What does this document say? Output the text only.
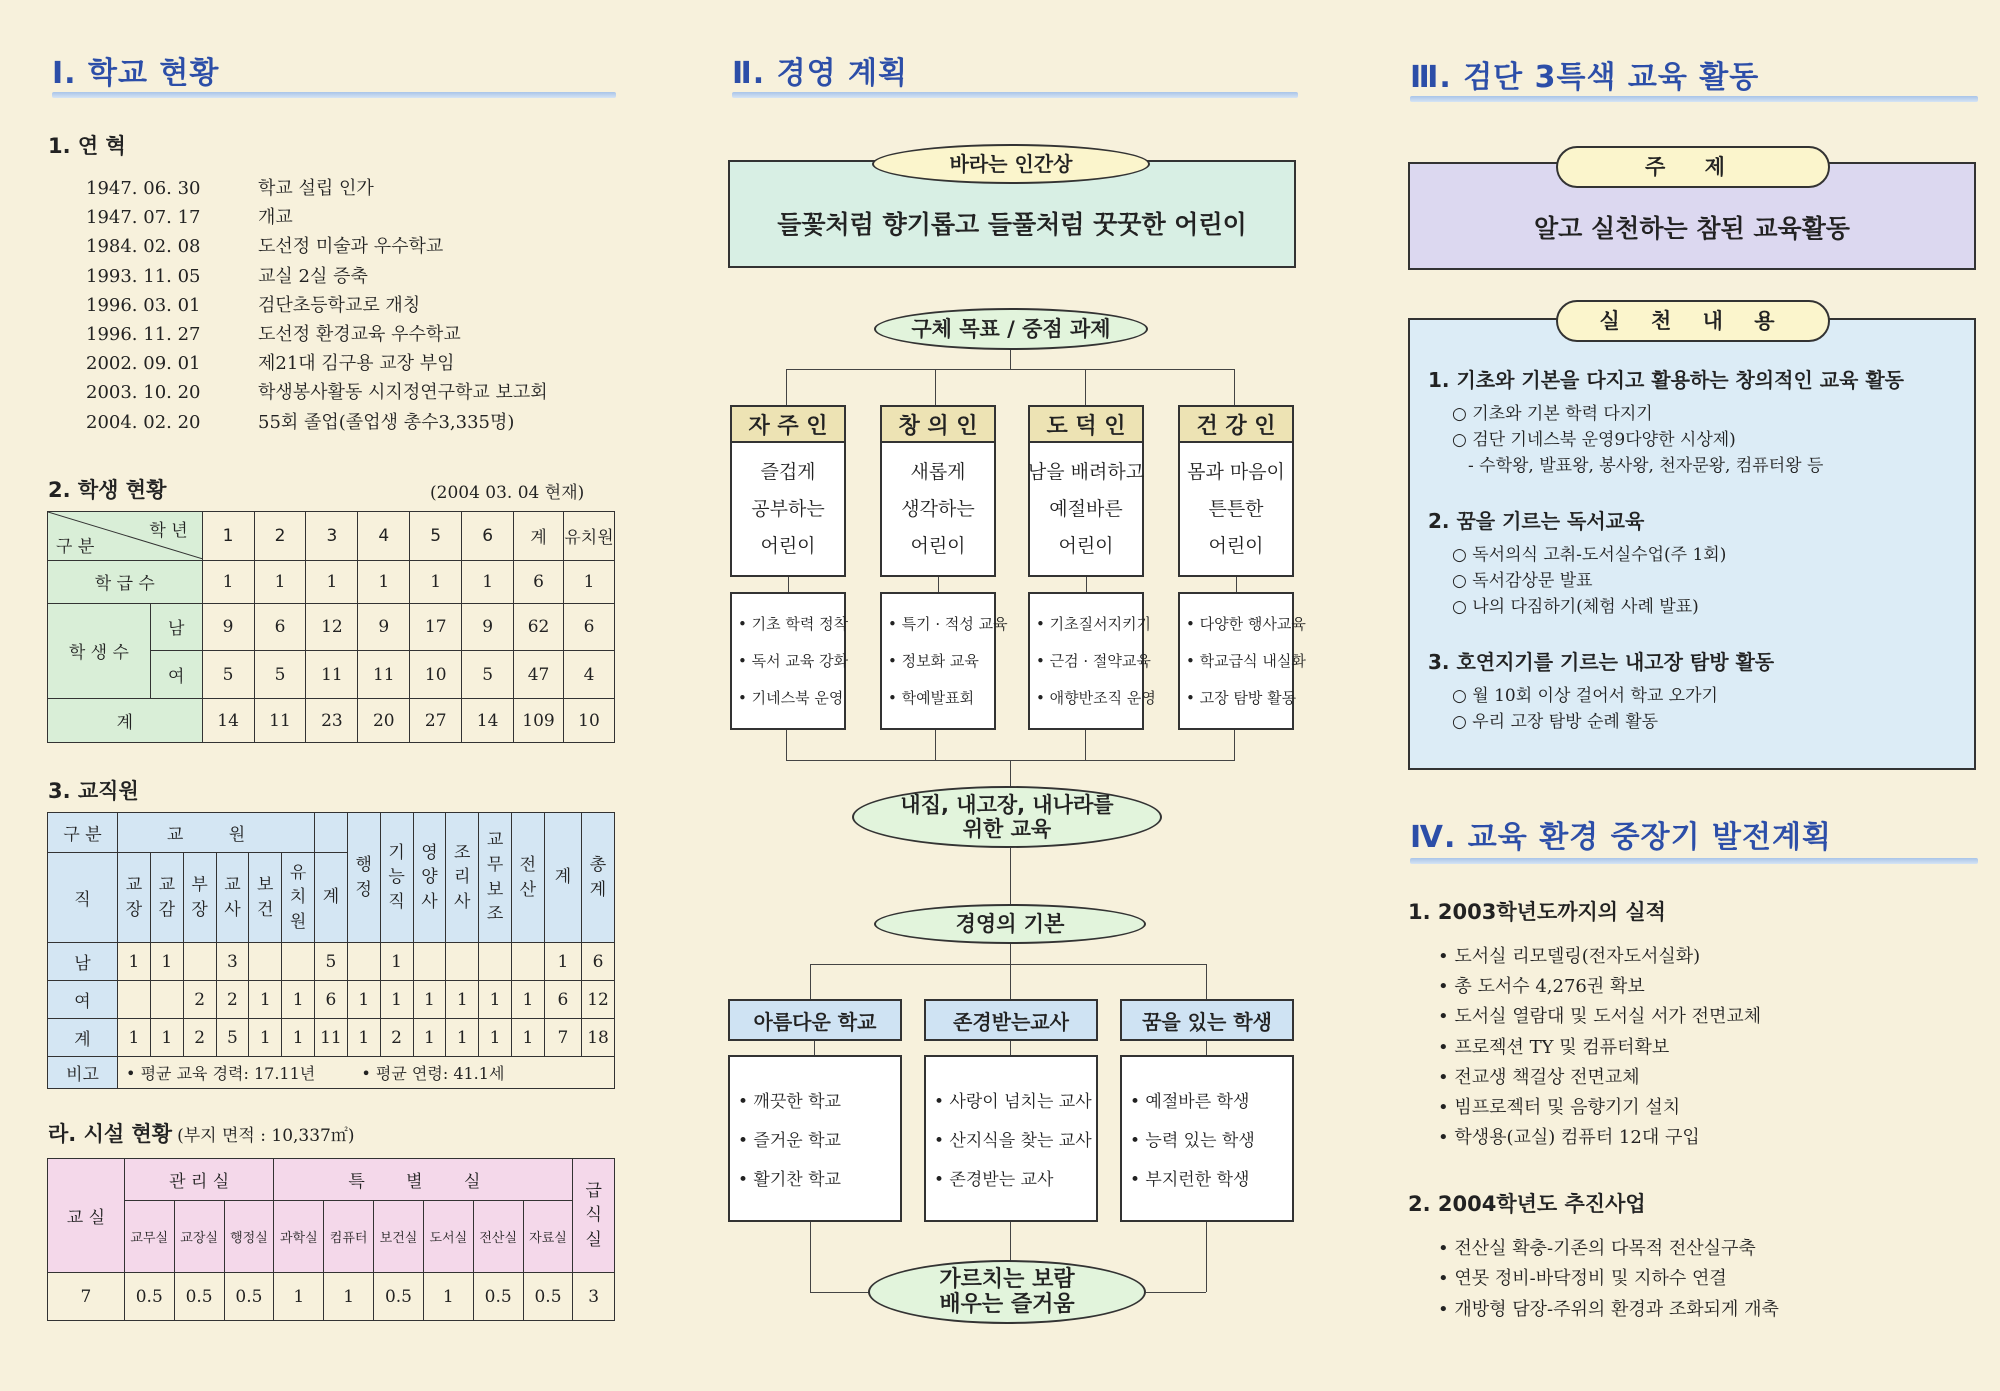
Ⅰ. 학교 현황
1. 연 혁
1947. 06. 30	학교 설립 인가
1947. 07. 17	개교
1984. 02. 08	도선정 미술과 우수학교
1993. 11. 05	교실 2실 증축
1996. 03. 01	검단초등학교로 개칭
1996. 11. 27	도선정 환경교육 우수학교
2002. 09. 01	제21대 김구용 교장 부임
2003. 10. 20	학생봉사활동 시지정연구학교 보고회
2004. 02. 20	55회 졸업(졸업생 총수3,335명)
2. 학생 현황	(2004 03. 04 현재)
학 년
구 분		1	2	3	4	5	6	계	유치원
학 급 수		1	1	1	1	1	1	6	1
학 생 수	남	9	6	12	9	17	9	62	6
	여	5	5	11	11	10	5	47	4
계		14	11	23	20	27	14	109	10
3. 교직원
구 분	교 원							행정	기능직	영양사	조리사	교무보조	전산	계	총계
직	교장	교감	부장	교사	보건	유치원	계								
남	1	1		3			5		1					1	6
여			2	2	1	1	6	1	1	1	1	1	1	6	12
계	1	1	2	5	1	1	11	1	2	1	1	1	1	7	18
비고	• 평균 교육 경력: 17.11년 • 평균 연령: 41.1세														
라. 시설 현황 (부지 면적 : 10,337㎡)
교 실	관 리 실			특 별 실						급식실
	교무실	교장실	행정실	과학실	컴퓨터	보건실	도서실	전산실	자료실	
7	0.5	0.5	0.5	1	1	0.5	1	0.5	0.5	3
Ⅱ. 경영 계획
들꽃처럼 향기롭고 들풀처럼 꿋꿋한 어린이
바라는 인간상
구체 목표 / 중점 과제
자 주 인
즐겁게
공부하는
어린이
• 기초 학력 정착
• 독서 교육 강화
• 기네스북 운영
창 의 인
새롭게
생각하는
어린이
• 특기 · 적성 교육
• 정보화 교육
• 학예발표회
도 덕 인
남을 배려하고
예절바른
어린이
• 기초질서지키기
• 근검 · 절약교육
• 애향반조직 운영
건 강 인
몸과 마음이
튼튼한
어린이
• 다양한 행사교육
• 학교급식 내실화
• 고장 탐방 활동
내집, 내고장, 내나라를
위한 교육
경영의 기본
아름다운 학교
• 깨끗한 학교
• 즐거운 학교
• 활기찬 학교
존경받는교사
• 사랑이 넘치는 교사
• 산지식을 찾는 교사
• 존경받는 교사
꿈을 있는 학생
• 예절바른 학생
• 능력 있는 학생
• 부지런한 학생
가르치는 보람
배우는 즐거움
Ⅲ. 검단 3특색 교육 활동
알고 실천하는 참된 교육활동
주 제
실 천 내 용
1. 기초와 기본을 다지고 활용하는 창의적인 교육 활동
○ 기초와 기본 학력 다지기
○ 검단 기네스북 운영9다양한 시상제)
- 수학왕, 발표왕, 봉사왕, 천자문왕, 컴퓨터왕 등
2. 꿈을 기르는 독서교육
○ 독서의식 고취-도서실수업(주 1회)
○ 독서감상문 발표
○ 나의 다짐하기(체험 사례 발표)
3. 호연지기를 기르는 내고장 탐방 활동
○ 월 10회 이상 걸어서 학교 오가기
○ 우리 고장 탐방 순례 활동
Ⅳ. 교육 환경 중장기 발전계획
1. 2003학년도까지의 실적
• 도서실 리모델링(전자도서실화)
• 총 도서수 4,276권 확보
• 도서실 열람대 및 도서실 서가 전면교체
• 프로젝션 TY 및 컴퓨터확보
• 전교생 책걸상 전면교체
• 빔프로젝터 및 음향기기 설치
• 학생용(교실) 컴퓨터 12대 구입
2. 2004학년도 추진사업
• 전산실 확충-기존의 다목적 전산실구축
• 연못 정비-바닥정비 및 지하수 연결
• 개방형 담장-주위의 환경과 조화되게 개축
